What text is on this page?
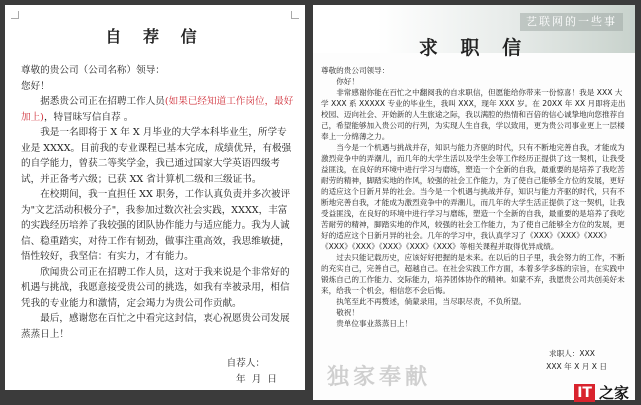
自 荐 信

尊敬的贵公司（公司名称）领导：

您好！

据悉贵公司正在招聘工作人员(如果已经知道工作岗位，最好加上)，特冒昧写信自荐 。

我是一名即将于 X 年 X 月毕业的大学本科毕业生，所学专业是 XXXX。目前我的专业课程已基本完成，成绩优异，有极强的自学能力，曾获二等奖学金，我已通过国家大学英语四级考试，并正备考六级；已获 XX 省计算机二级和三级证书。

在校期间，我一直担任 XX 职务，工作认真负责并多次被评为"文艺活动积极分子"，我参加过数次社会实践，XXXX，丰富的实践经历培养了我较强的团队协作能力与适应能力。我为人诚信、稳重踏实，对待工作有韧劲，做事注重高效，我思维敏捷，悟性较好，我坚信：有实力，才有能力。

欣闻贵公司正在招聘工作人员，这对于我来说是个非常好的机遇与挑战，我愿意接受贵公司的挑选，如我有幸被录用，相信凭我的专业能力和激情，定会竭力为贵公司作贡献。

最后，感谢您在百忙之中看完这封信，衷心祝愿贵公司发展蒸蒸日上！

自荐人：
年  月  日
艺联网的一些事
求 职 信

尊敬的贵公司领导：

你好！

非常感谢你能在百忙之中翻阅我的自求职信，但愿能给你带来一份惊喜！我是 XXX 大学 XXX 系 XXXXX 专业的毕业生，我叫 XXX，现年 XXX 岁。在 20XX 年 XX 月即将走出校园、迈向社会、开始新的人生旅途之际，我以满腔的热情和百倍的信心诚挚地向您推荐自己，希望能够加入贵公司的行列，为实现人生自我，学以致用，更为贵公司事业更上一层楼奉上一分绵薄之力。

当今是一个机遇与挑战并存，知识与能力齐驱的时代，只有不断地完善自我，才能成为激烈竞争中的弄潮儿，而几年的大学生活以及学生会等工作经历正提供了这一契机，让我受益匪浅，在良好的环境中进行学习与磨练，塑造一个全新的自我，最重要的是培养了我吃苦耐劳的精神，脚踏实地的作风，较强的社会工作能力，为了使自己能够全方位的发展，更好的适应这个日新月异的社会。当今是一个机遇与挑战并存，知识与能力齐驱的时代，只有不断地完善自我，才能成为激烈竞争中的弄潮儿，而几年的大学生活正提供了这一契机，让我受益匪浅，在良好的环境中进行学习与磨练，塑造一个全新的自我，最重要的是培养了我吃苦耐劳的精神，脚踏实地的作风，较强的社会工作能力，为了使自己能够全方位的发展，更好的适应这个日新月异的社会。几年的学习中，我认真学习了《XXX》《XXX》《XXX》《XXX》《XXX》《XXX》《XXX》《XXX》等相关课程并取得优异成绩。

过去只能记载历史，应该好好把握的是未来。在以后的日子里，我会努力的工作，不断的充实自己，完善自己，超越自己。在社会实践工作方面，本着多学多练的宗旨，在实践中锻炼自己的工作能力、交际能力，培养团体协作的精神。如蒙不弃，我愿贵公司共创美好未来，给我一个机会，相信您不会后悔。

执笔至此不再赘述，倘蒙录用，当尽职尽责，不负所望。

敬祝！

贵单位事业蒸蒸日上！

求职人：XXX
XXX 年 X 月 X 日
独家奉献
IT 之家
